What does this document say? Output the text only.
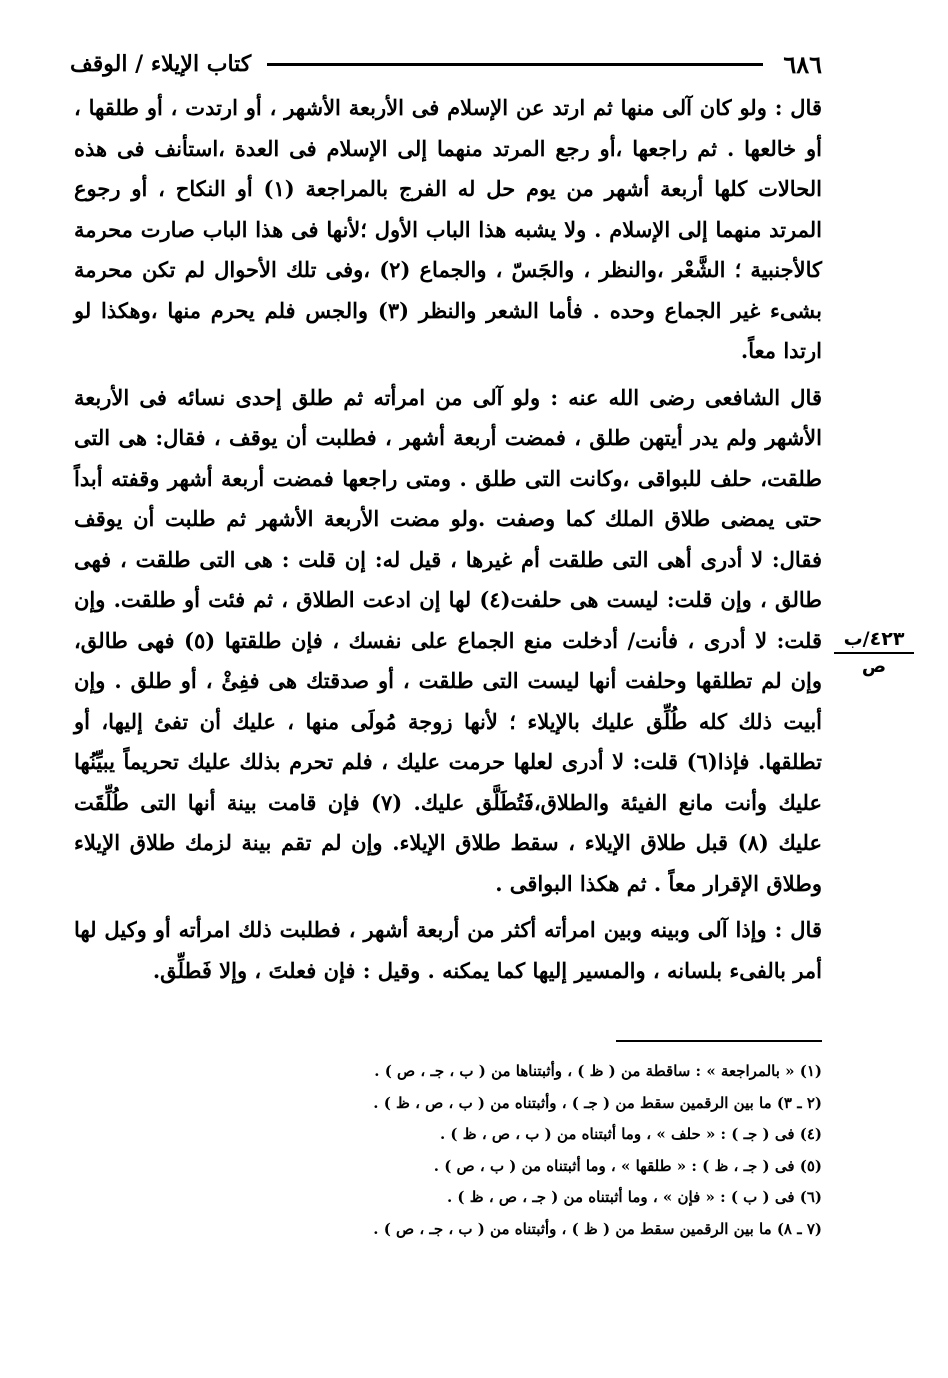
٦٨٦
كتاب الإيلاء / الوقف

قال : ولو كان آلى منها ثم ارتد عن الإسلام فى الأربعة الأشهر ، أو ارتدت ، أو طلقها ، أو خالعها . ثم راجعها ،أو رجع المرتد منهما إلى الإسلام فى العدة ،استأنف فى هذه الحالات كلها أربعة أشهر من يوم حل له الفرج بالمراجعة (١) أو النكاح ، أو رجوع المرتد منهما إلى الإسلام . ولا يشبه هذا الباب الأول ؛لأنها فى هذا الباب صارت محرمة كالأجنبية ؛ الشَّعْر ،والنظر ، والجَسّ ، والجماع (٢) ،وفى تلك الأحوال لم تكن محرمة بشىء غير الجماع وحده . فأما الشعر والنظر (٣) والجس فلم يحرم منها ،وهكذا لو ارتدا معاً.

قال الشافعى رضى الله عنه : ولو آلى من امرأته ثم طلق إحدى نسائه فى الأربعة الأشهر ولم يدر أيتهن طلق ، فمضت أربعة أشهر ، فطلبت أن يوقف ، فقال: هى التى طلقت، حلف للبواقى ،وكانت التى طلق . ومتى راجعها فمضت أربعة أشهر وقفته أبداً حتى يمضى طلاق الملك كما وصفت .ولو مضت الأربعة الأشهر ثم طلبت أن يوقف فقال: لا أدرى أهى التى طلقت أم غيرها ، قيل له: إن قلت : هى التى طلقت ، فهى طالق ، وإن قلت: ليست هى حلفت(٤) لها إن ادعت الطلاق ، ثم فئت أو طلقت. وإن قلت: لا أدرى ، فأنت/ أدخلت منع الجماع على نفسك ، فإن طلقتها (٥) فهى طالق، وإن لم تطلقها وحلفت أنها ليست التى طلقت ، أو صدقتك هى ففِئْ ، أو طلق . وإن أبيت ذلك كله طُلِّق عليك بالإيلاء ؛ لأنها زوجة مُولَى منها ، عليك أن تفئ إليها، أو تطلقها. فإذا(٦) قلت: لا أدرى لعلها حرمت عليك ، فلم تحرم بذلك عليك تحريماً يبيِّنُها عليك وأنت مانع الفيئة والطلاق،فَتُطَلَّق عليك. (٧) فإن قامت بينة أنها التى طُلِّقَت عليك (٨) قبل طلاق الإيلاء ، سقط طلاق الإيلاء. وإن لم تقم بينة لزمك طلاق الإيلاء وطلاق الإقرار معاً . ثم هكذا البواقى .

قال : وإذا آلى وبينه وبين امرأته أكثر من أربعة أشهر ، فطلبت ذلك امرأته أو وكيل لها أمر بالفىء بلسانه ، والمسير إليها كما يمكنه . وقيل : فإن فعلتَ ، وإلا فَطلِّق.

٤٢٣/ب
ص
(١) « بالمراجعة » : ساقطة من ( ظ ) ، وأثبتناها من ( ب ، جـ ، ص ) .
(٢ ـ ٣) ما بين الرقمين سقط من ( جـ ) ، وأثبتناه من ( ب ، ص ، ظ ) .
(٤) فى ( جـ ) : « حلف » ، وما أثبتناه من ( ب ، ص ، ظ ) .
(٥) فى ( جـ ، ظ ) : « طلقها » ، وما أثبتناه من ( ب ، ص ) .
(٦) فى ( ب ) : « فإن » ، وما أثبتناه من ( جـ ، ص ، ظ ) .
(٧ ـ ٨) ما بين الرقمين سقط من ( ظ ) ، وأثبتناه من ( ب ، جـ ، ص ) .
